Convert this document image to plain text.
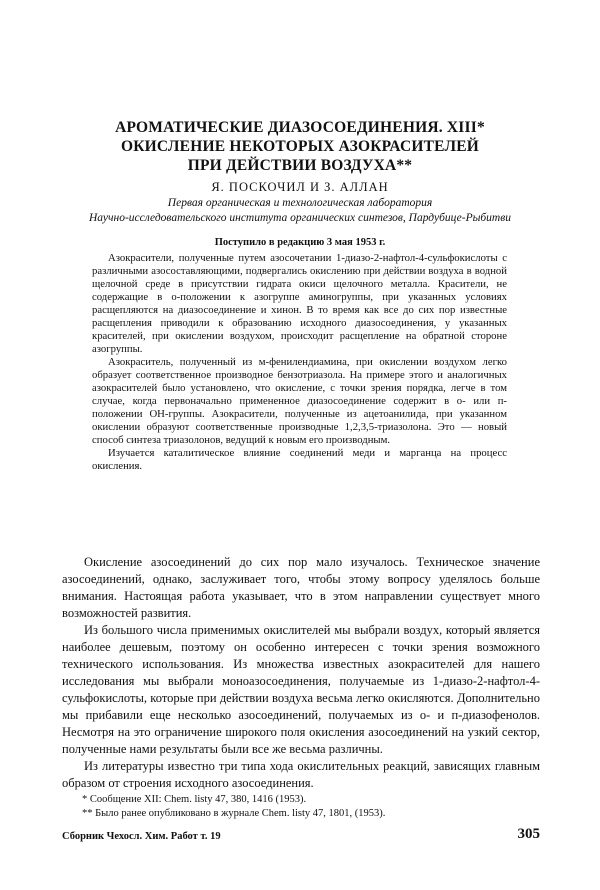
АРОМАТИЧЕСКИЕ ДИАЗОСОЕДИНЕНИЯ. XIII*
ОКИСЛЕНИЕ НЕКОТОРЫХ АЗОКРАСИТЕЛЕЙ
ПРИ ДЕЙСТВИИ ВОЗДУХА**
Я. ПОСКОЧИЛ И З. АЛЛАН
Первая органическая и технологическая лаборатория
Научно-исследовательского института органических синтезов, Пардубице-Рыбитви
Поступило в редакцию 3 мая 1953 г.

Азокрасители, полученные путем азосочетании 1-диазо-2-нафтол-4-сульфокислоты с различными азосоставляющими, подвергались окислению при действии воздуха в водной щелочной среде в присутствии гидрата окиси щелочного металла. Красители, не содержащие в о-положении к азогруппе аминогруппы, при указанных условиях расщепляются на диазосоединение и хинон. В то время как все до сих пор известные расщепления приводили к образованию исходного диазосоединения, у указанных красителей, при окислении воздухом, происходит расщепление на обратной стороне азогруппы.

Азокраситель, полученный из м-фенилендиамина, при окислении воздухом легко образует соответственное производное бензотриазола. На примере этого и аналогичных азокрасителей было установлено, что окисление, с точки зрения порядка, легче в том случае, когда первоначально примененное диазосоединение содержит в о- или п-положении ОН-группы. Азокрасители, полученные из ацетоанилида, при указанном окислении образуют соответственные производные 1,2,3,5-триазолона. Это — новый способ синтеза триазолонов, ведущий к новым его производным.

Изучается каталитическое влияние соединений меди и марганца на процесс окисления.

Окисление азосоединений до сих пор мало изучалось. Техническое значение азосоединений, однако, заслуживает того, чтобы этому вопросу уделялось больше внимания. Настоящая работа указывает, что в этом направлении существует много возможностей развития.

Из большого числа применимых окислителей мы выбрали воздух, который является наиболее дешевым, поэтому он особенно интересен с точки зрения возможного технического использования. Из множества известных азокрасителей для нашего исследования мы выбрали моноазосоединения, получаемые из 1-диазо-2-нафтол-4-сульфокислоты, которые при действии воздуха весьма легко окисляются. Дополнительно мы прибавили еще несколько азосоединений, получаемых из о- и п-диазофенолов. Несмотря на это ограничение широкого поля окисления азосоединений на узкий сектор, полученные нами результаты были все же весьма различны.

Из литературы известно три типа хода окислительных реакций, зависящих главным образом от строения исходного азосоединения.

* Сообщение XII: Chem. listy 47, 380, 1416 (1953).
** Было ранее опубликовано в журнале Chem. listy 47, 1801, (1953).
Сборник Чехосл. Хим. Работ т. 19	305
